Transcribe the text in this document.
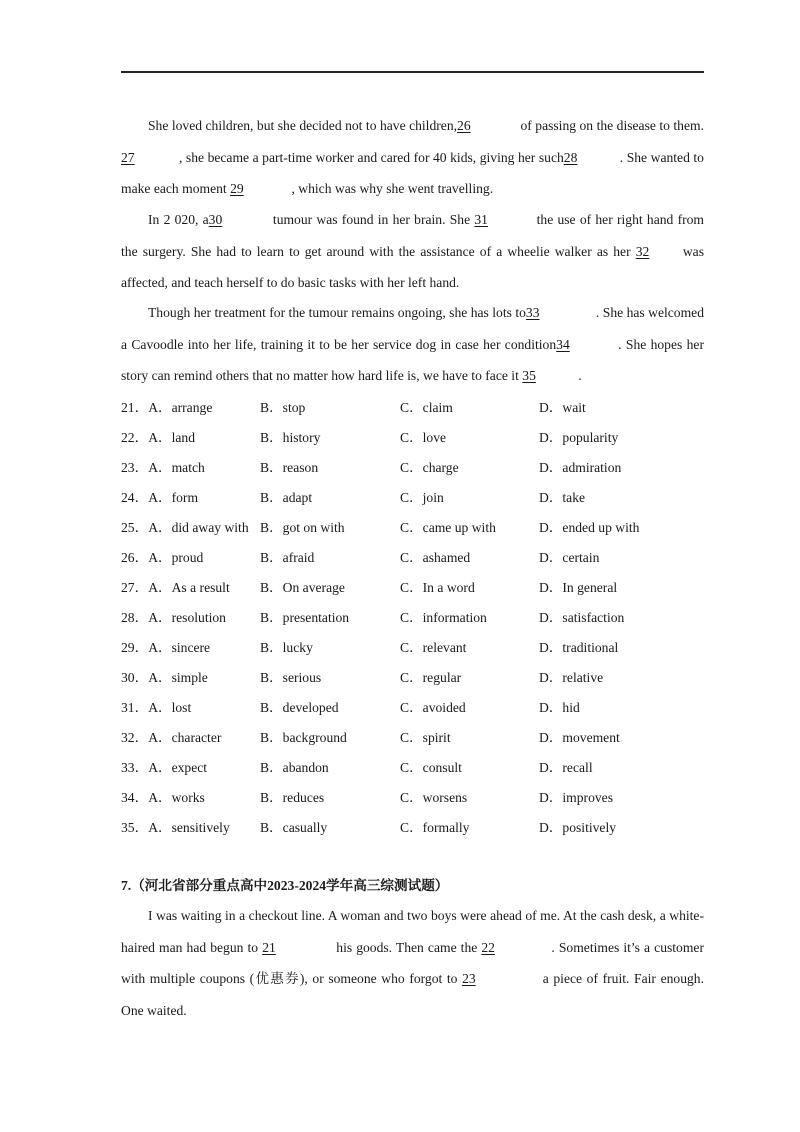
She loved children, but she decided not to have children,26	of passing on the disease to them. 27	, she became a part-time worker and cared for 40 kids, giving her such28	. She wanted to make each moment 29	, which was why she went travelling.
In 2 020, a30	tumour was found in her brain. She 31	the use of her right hand from the surgery. She had to learn to get around with the assistance of a wheelie walker as her 32 was affected, and teach herself to do basic tasks with her left hand.
Though her treatment for the tumour remains ongoing, she has lots to33	. She has welcomed a Cavoodle into her life, training it to be her service dog in case her condition34	. She hopes her story can remind others that no matter how hard life is, we have to face it 35	.
21．A．arrange	B．stop	C．claim	D．wait
22．A．land	B．history	C．love	D．popularity
23．A．match	B．reason	C．charge	D．admiration
24．A．form	B．adapt	C．join	D．take
25．A．did away with B．got on with	C．came up with	D．ended up with
26．A．proud	B．afraid	C．ashamed	D．certain
27．A．As a result B．On average	C．In a word	D．In general
28．A．resolution	B．presentation	C．information	D．satisfaction
29．A．sincere	B．lucky	C．relevant	D．traditional
30．A．simple	B．serious	C．regular	D．relative
31．A．lost	B．developed	C．avoided	D．hid
32．A．character	B．background	C．spirit	D．movement
33．A．expect	B．abandon	C．consult	D．recall
34．A．works	B．reduces	C．worsens	D．improves
35．A．sensitively B．casually	C．formally	D．positively
7.（河北省部分重点高中2023-2024学年高三综测试题）
I was waiting in a checkout line. A woman and two boys were ahead of me. At the cash desk, a white-haired man had begun to 21	his goods. Then came the 22	. Sometimes it’s a customer with multiple coupons (优惠券), or someone who forgot to 23	a piece of fruit. Fair enough. One waited.
